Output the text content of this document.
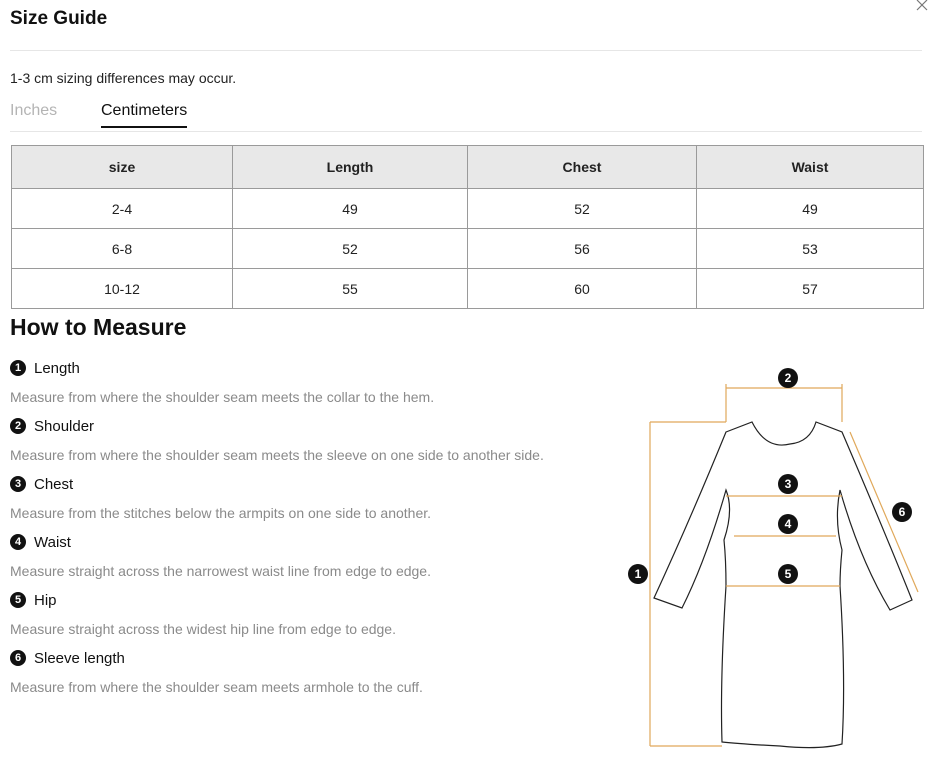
Size Guide
1-3 cm sizing differences may occur.
Inches	Centimeters
size	Length	Chest	Waist
2-4	49	52	49
6-8	52	56	53
10-12	55	60	57
How to Measure
1 Length
Measure from where the shoulder seam meets the collar to the hem.
2 Shoulder
Measure from where the shoulder seam meets the sleeve on one side to another side.
3 Chest
Measure from the stitches below the armpits on one side to another.
4 Waist
Measure straight across the narrowest waist line from edge to edge.
5 Hip
Measure straight across the widest hip line from edge to edge.
6 Sleeve length
Measure from where the shoulder seam meets armhole to the cuff.
2
3
4
5
1
6
